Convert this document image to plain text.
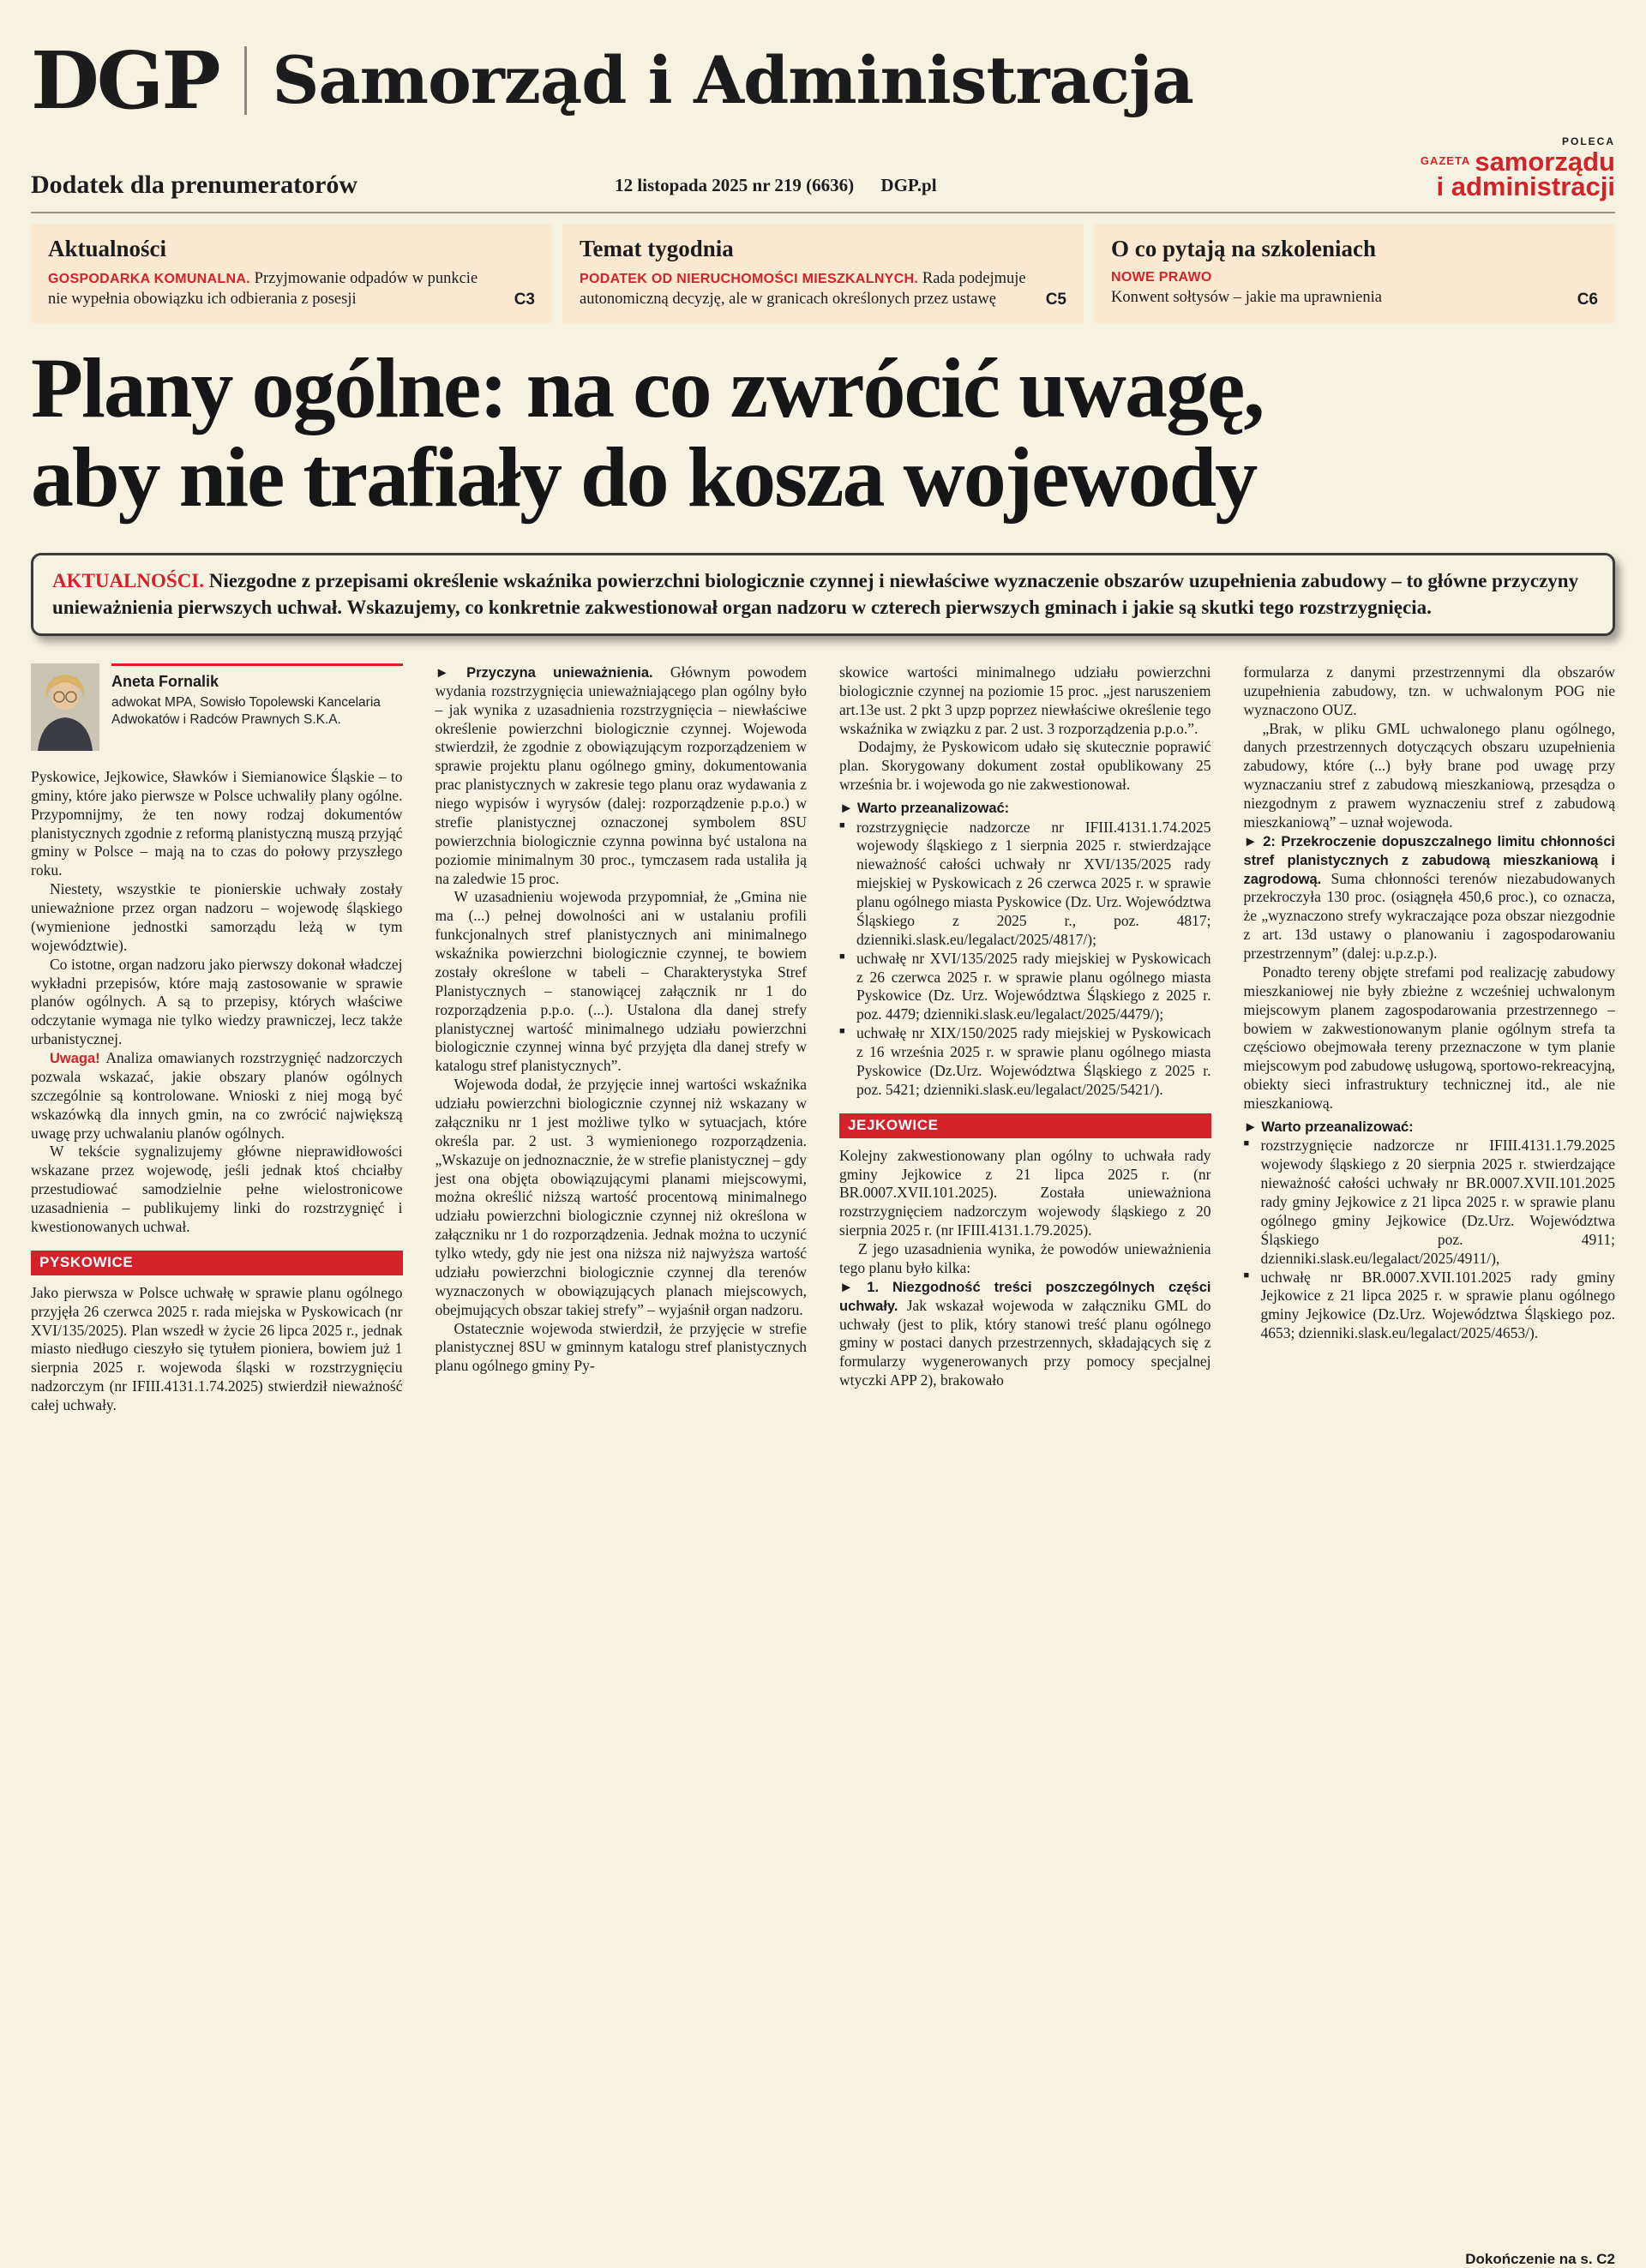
DGP Samorząd i Administracja
Dodatek dla prenumeratorów	12 listopada 2025 nr 219 (6636) DGP.pl
POLECA
$^{GAZETA}$ samorządu
i administracji
Aktualności
GOSPODARKA KOMUNALNA. Przyjmowanie odpadów w punkcie nie wypełnia obowiązku ich odbierania z posesji	C3
Temat tygodnia
PODATEK OD NIERUCHOMOŚCI MIESZKALNYCH. Rada podejmuje autonomiczną decyzję, ale w granicach określonych przez ustawę	C5
O co pytają na szkoleniach
NOWE PRAWO
Konwent sołtysów – jakie ma uprawnienia	C6
Plany ogólne: na co zwrócić uwagę,
aby nie trafiały do kosza wojewody

AKTUALNOŚCI. Niezgodne z przepisami określenie wskaźnika powierzchni biologicznie czynnej i niewłaściwe wyznaczenie obszarów uzupełnienia zabudowy – to główne przyczyny unieważnienia pierwszych uchwał. Wskazujemy, co konkretnie zakwestionował organ nadzoru w czterech pierwszych gminach i jakie są skutki tego rozstrzygnięcia.

Aneta Fornalik
adwokat MPA, Sowisło Topolewski Kancelaria Adwokatów i Radców Prawnych S.K.A.

Pyskowice, Jejkowice, Sławków i Siemianowice Śląskie – to gminy, które jako pierwsze w Polsce uchwaliły plany ogólne. Przypomnijmy, że ten nowy rodzaj dokumentów planistycznych zgodnie z reformą planistyczną muszą przyjąć gminy w Polsce – mają na to czas do połowy przyszłego roku.

Niestety, wszystkie te pionierskie uchwały zostały unieważnione przez organ nadzoru – wojewodę śląskiego (wymienione jednostki samorządu leżą w tym województwie).

Co istotne, organ nadzoru jako pierwszy dokonał władczej wykładni przepisów, które mają zastosowanie w sprawie planów ogólnych. A są to przepisy, których właściwe odczytanie wymaga nie tylko wiedzy prawniczej, lecz także urbanistycznej.

Uwaga! Analiza omawianych rozstrzygnięć nadzorczych pozwala wskazać, jakie obszary planów ogólnych szczególnie są kontrolowane. Wnioski z niej mogą być wskazówką dla innych gmin, na co zwrócić największą uwagę przy uchwalaniu planów ogólnych.

W tekście sygnalizujemy główne nieprawidłowości wskazane przez wojewodę, jeśli jednak ktoś chciałby przestudiować samodzielnie pełne wielostronicowe uzasadnienia – publikujemy linki do rozstrzygnięć i kwestionowanych uchwał.

PYSKOWICE

Jako pierwsza w Polsce uchwałę w sprawie planu ogólnego przyjęła 26 czerwca 2025 r. rada miejska w Pyskowicach (nr XVI/135/2025). Plan wszedł w życie 26 lipca 2025 r., jednak miasto niedługo cieszyło się tytułem pioniera, bowiem już 1 sierpnia 2025 r. wojewoda śląski w rozstrzygnięciu nadzorczym (nr IFIII.4131.1.74.2025) stwierdził nieważność całej uchwały.

► Przyczyna unieważnienia. Głównym powodem wydania rozstrzygnięcia unieważniającego plan ogólny było – jak wynika z uzasadnienia rozstrzygnięcia – niewłaściwe określenie powierzchni biologicznie czynnej. Wojewoda stwierdził, że zgodnie z obowiązującym rozporządzeniem w sprawie projektu planu ogólnego gminy, dokumentowania prac planistycznych w zakresie tego planu oraz wydawania z niego wypisów i wyrysów (dalej: rozporządzenie p.p.o.) w strefie planistycznej oznaczonej symbolem 8SU powierzchnia biologicznie czynna powinna być ustalona na poziomie minimalnym 30 proc., tymczasem rada ustaliła ją na zaledwie 15 proc.

W uzasadnieniu wojewoda przypomniał, że „Gmina nie ma (...) pełnej dowolności ani w ustalaniu profili funkcjonalnych stref planistycznych ani minimalnego wskaźnika powierzchni biologicznie czynnej, te bowiem zostały określone w tabeli – Charakterystyka Stref Planistycznych – stanowiącej załącznik nr 1 do rozporządzenia p.p.o. (...). Ustalona dla danej strefy planistycznej wartość minimalnego udziału powierzchni biologicznie czynnej winna być przyjęta dla danej strefy w katalogu stref planistycznych”.

Wojewoda dodał, że przyjęcie innej wartości wskaźnika udziału powierzchni biologicznie czynnej niż wskazany w załączniku nr 1 jest możliwe tylko w sytuacjach, które określa par. 2 ust. 3 wymienionego rozporządzenia. „Wskazuje on jednoznacznie, że w strefie planistycznej – gdy jest ona objęta obowiązującymi planami miejscowymi, można określić niższą wartość procentową minimalnego udziału powierzchni biologicznie czynnej niż określona w załączniku nr 1 do rozporządzenia. Jednak można to uczynić tylko wtedy, gdy nie jest ona niższa niż najwyższa wartość udziału powierzchni biologicznie czynnej dla terenów wyznaczonych w obowiązujących planach miejscowych, obejmujących obszar takiej strefy” – wyjaśnił organ nadzoru.

Ostatecznie wojewoda stwierdził, że przyjęcie w strefie planistycznej 8SU w gminnym katalogu stref planistycznych planu ogólnego gminy Py-

skowice wartości minimalnego udziału powierzchni biologicznie czynnej na poziomie 15 proc. „jest naruszeniem art.13e ust. 2 pkt 3 upzp poprzez niewłaściwe określenie tego wskaźnika w związku z par. 2 ust. 3 rozporządzenia p.p.o.”.

Dodajmy, że Pyskowicom udało się skutecznie poprawić plan. Skorygowany dokument został opublikowany 25 września br. i wojewoda go nie zakwestionował.

► Warto przeanalizować:

■ rozstrzygnięcie nadzorcze nr IFIII.4131.1.74.2025 wojewody śląskiego z 1 sierpnia 2025 r. stwierdzające nieważność całości uchwały nr XVI/135/2025 rady miejskiej w Pyskowicach z 26 czerwca 2025 r. w sprawie planu ogólnego miasta Pyskowice (Dz. Urz. Województwa Śląskiego z 2025 r., poz. 4817; dzienniki.slask.eu/legalact/2025/4817/);

■ uchwałę nr XVI/135/2025 rady miejskiej w Pyskowicach z 26 czerwca 2025 r. w sprawie planu ogólnego miasta Pyskowice (Dz. Urz. Województwa Śląskiego z 2025 r. poz. 4479; dzienniki.slask.eu/legalact/2025/4479/);

■ uchwałę nr XIX/150/2025 rady miejskiej w Pyskowicach z 16 września 2025 r. w sprawie planu ogólnego miasta Pyskowice (Dz.Urz. Województwa Śląskiego z 2025 r. poz. 5421; dzienniki.slask.eu/legalact/2025/5421/).

JEJKOWICE

Kolejny zakwestionowany plan ogólny to uchwała rady gminy Jejkowice z 21 lipca 2025 r. (nr BR.0007.XVII.101.2025). Została unieważniona rozstrzygnięciem nadzorczym wojewody śląskiego z 20 sierpnia 2025 r. (nr IFIII.4131.1.79.2025).

Z jego uzasadnienia wynika, że powodów unieważnienia tego planu było kilka:

► 1. Niezgodność treści poszczególnych części uchwały. Jak wskazał wojewoda w załączniku GML do uchwały (jest to plik, który stanowi treść planu ogólnego gminy w postaci danych przestrzennych, składających się z formularzy wygenerowanych przy pomocy specjalnej wtyczki APP 2), brakowało

formularza z danymi przestrzennymi dla obszarów uzupełnienia zabudowy, tzn. w uchwalonym POG nie wyznaczono OUZ.

„Brak, w pliku GML uchwalonego planu ogólnego, danych przestrzennych dotyczących obszaru uzupełnienia zabudowy, które (...) były brane pod uwagę przy wyznaczaniu stref z zabudową mieszkaniową, przesądza o niezgodnym z prawem wyznaczeniu stref z zabudową mieszkaniową” – uznał wojewoda.

► 2: Przekroczenie dopuszczalnego limitu chłonności stref planistycznych z zabudową mieszkaniową i zagrodową. Suma chłonności terenów niezabudowanych przekroczyła 130 proc. (osiągnęła 450,6 proc.), co oznacza, że „wyznaczono strefy wykraczające poza obszar niezgodnie z art. 13d ustawy o planowaniu i zagospodarowaniu przestrzennym” (dalej: u.p.z.p.).

Ponadto tereny objęte strefami pod realizację zabudowy mieszkaniowej nie były zbieżne z wcześniej uchwalonym miejscowym planem zagospodarowania przestrzennego – bowiem w zakwestionowanym planie ogólnym strefa ta częściowo obejmowała tereny przeznaczone w tym planie miejscowym pod zabudowę usługową, sportowo-rekreacyjną, obiekty sieci infrastruktury technicznej itd., ale nie mieszkaniową.

► Warto przeanalizować:

■ rozstrzygnięcie nadzorcze nr IFIII.4131.1.79.2025 wojewody śląskiego z 20 sierpnia 2025 r. stwierdzające nieważność całości uchwały nr BR.0007.XVII.101.2025 rady gminy Jejkowice z 21 lipca 2025 r. w sprawie planu ogólnego gminy Jejkowice (Dz.Urz. Województwa Śląskiego poz. 4911; dzienniki.slask.eu/legalact/2025/4911/),

■ uchwałę nr BR.0007.XVII.101.2025 rady gminy Jejkowice z 21 lipca 2025 r. w sprawie planu ogólnego gminy Jejkowice (Dz.Urz. Województwa Śląskiego poz. 4653; dzienniki.slask.eu/legalact/2025/4653/).

Dokończenie na s. C2
